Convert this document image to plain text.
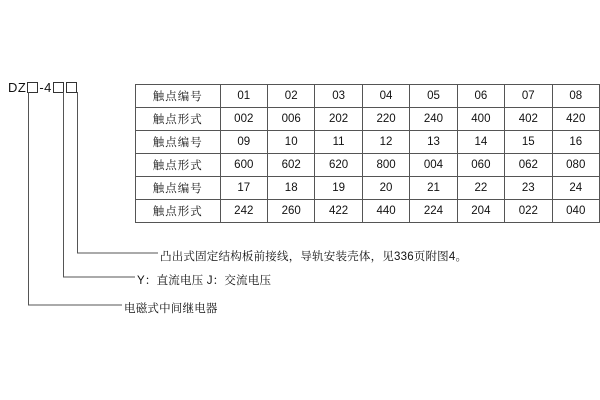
DZ -4
触点编号	01	02	03	04	05	06	07	08
触点形式	002	006	202	220	240	400	402	420
触点编号	09	10	11	12	13	14	15	16
触点形式	600	602	620	800	004	060	062	080
触点编号	17	18	19	20	21	22	23	24
触点形式	242	260	422	440	224	204	022	040
凸出式固定结构板前接线，导轨安装壳体，见336页附图4。
Y：直流电压 J：交流电压
电磁式中间继电器
